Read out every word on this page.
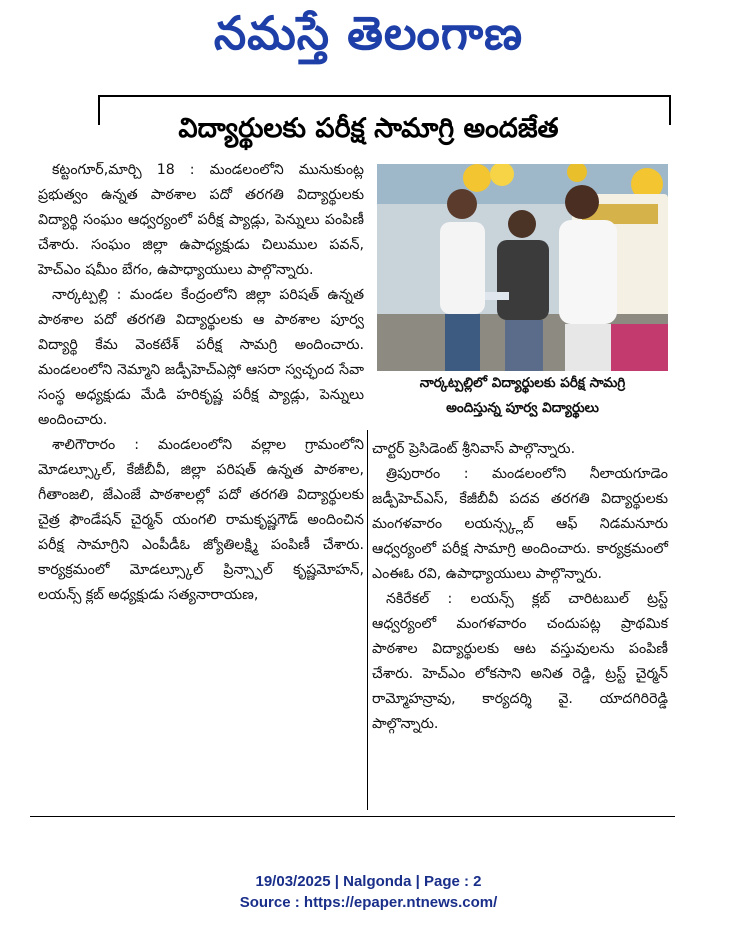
నమస్తే తెలంగాణ
విద్యార్థులకు పరీక్ష సామాగ్రి అందజేత

కట్టంగూర్,మార్చి 18 : మండలంలోని మునుకుంట్ల ప్రభుత్వం ఉన్నత పాఠశాల పదో తరగతి విద్యార్థులకు విద్యార్థి సంఘం ఆధ్వర్యంలో పరీక్ష ప్యాడ్లు, పెన్నులు పంపిణీ చేశారు. సంఘం జిల్లా ఉపాధ్యక్షుడు చిలుముల పవన్, హెచ్ఎం షమీం బేగం, ఉపాధ్యాయులు పాల్గొన్నారు.

నార్కట్పల్లి : మండల కేంద్రంలోని జిల్లా పరిషత్ ఉన్నత పాఠశాల పదో తరగతి విద్యార్థులకు ఆ పాఠశాల పూర్వ విద్యార్థి కేమ వెంకటేశ్ పరీక్ష సామగ్రి అందించారు. మండలంలోని నెమ్మాని జడ్పీహెచ్ఎస్లో ఆసరా స్వచ్ఛంద సేవా సంస్థ అధ్యక్షుడు మేడి హరికృష్ణ పరీక్ష ప్యాడ్లు, పెన్నులు అందించారు.

శాలిగౌరారం : మండలంలోని వల్లాల గ్రామంలోని మోడల్స్కూల్, కేజీబీవీ, జిల్లా పరిషత్ ఉన్నత పాఠశాల, గీతాంజలి, జేఎంజే పాఠశాలల్లో పదో తరగతి విద్యార్థులకు చైత్ర ఫౌండేషన్ చైర్మన్ యంగలి రామకృష్ణగౌడ్ అందించిన పరీక్ష సామాగ్రిని ఎంపీడీఓ జ్యోతిలక్ష్మి పంపిణీ చేశారు. కార్యక్రమంలో మోడల్స్కూల్ ప్రిన్స్పాల్ కృష్ణమోహన్, లయన్స్ క్లబ్ అధ్యక్షుడు సత్యనారాయణ,

నార్కట్పల్లిలో విద్యార్థులకు పరీక్ష సామగ్రి
అందిస్తున్న పూర్వ విద్యార్థులు

చార్టర్ ప్రెసిడెంట్ శ్రీనివాస్ పాల్గొన్నారు.

త్రిపురారం : మండలంలోని నీలాయగూడెం జడ్పీహెచ్ఎస్, కేజీబీవీ పదవ తరగతి విద్యార్థులకు మంగళవారం లయన్స్క్లబ్ ఆఫ్ నిడమనూరు ఆధ్వర్యంలో పరీక్ష సామాగ్రి అందించారు. కార్యక్రమంలో ఎంఈఓ రవి, ఉపాధ్యాయులు పాల్గొన్నారు.

నకిరేకల్ : లయన్స్ క్లబ్ చారిటబుల్ ట్రస్ట్ ఆధ్వర్యంలో మంగళవారం చందుపట్ల ప్రాథమిక పాఠశాల విద్యార్థులకు ఆట వస్తువులను పంపిణీ చేశారు. హెచ్ఎం లోకసాని అనిత రెడ్డి, ట్రస్ట్ చైర్మన్ రామ్మోహన్రావు, కార్యదర్శి వై. యాదగిరిరెడ్డి పాల్గొన్నారు.

19/03/2025 | Nalgonda | Page : 2
Source : https://epaper.ntnews.com/
